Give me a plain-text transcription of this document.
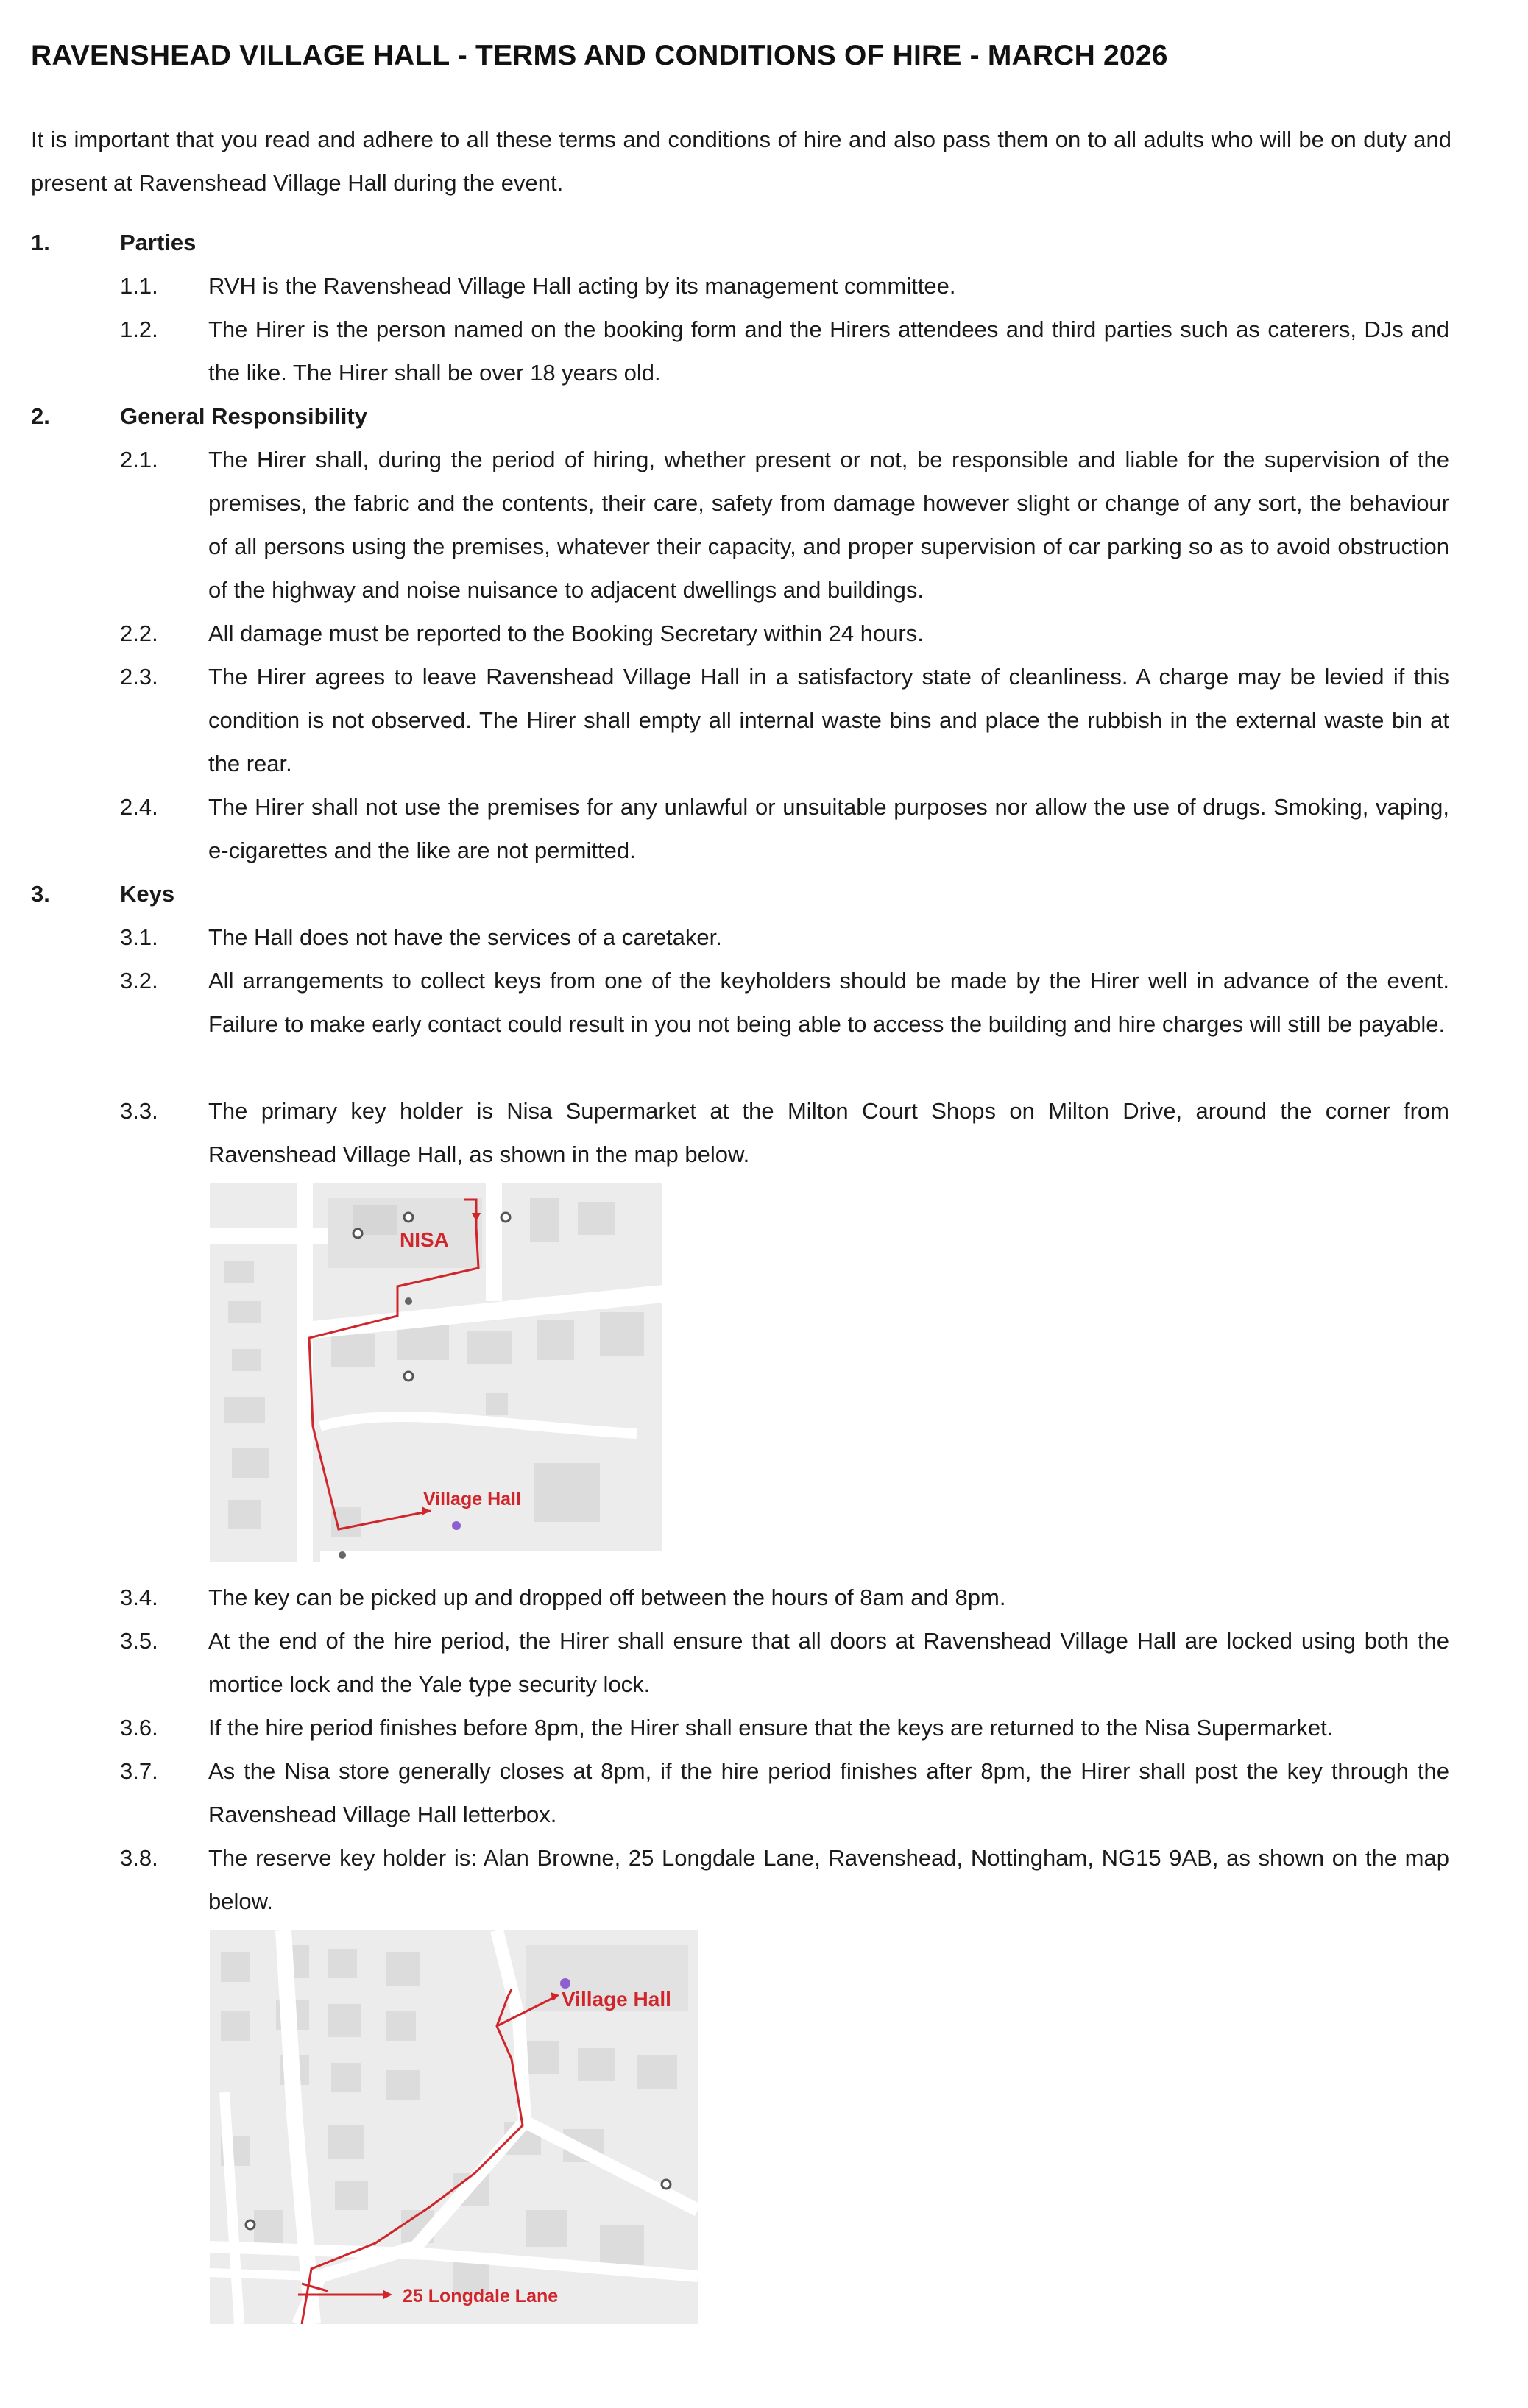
RAVENSHEAD VILLAGE HALL - TERMS AND CONDITIONS OF HIRE - MARCH 2026
It is important that you read and adhere to all these terms and conditions of hire and also pass them on to all adults who will be on duty and present at Ravenshead Village Hall during the event.
1.	Parties
1.1. RVH is the Ravenshead Village Hall acting by its management committee.
1.2. The Hirer is the person named on the booking form and the Hirers attendees and third parties such as caterers, DJs and the like. The Hirer shall be over 18 years old.
2.	General Responsibility
2.1. The Hirer shall, during the period of hiring, whether present or not, be responsible and liable for the supervision of the premises, the fabric and the contents, their care, safety from damage however slight or change of any sort, the behaviour of all persons using the premises, whatever their capacity, and proper supervision of car parking so as to avoid obstruction of the highway and noise nuisance to adjacent dwellings and buildings.
2.2. All damage must be reported to the Booking Secretary within 24 hours.
2.3. The Hirer agrees to leave Ravenshead Village Hall in a satisfactory state of cleanliness. A charge may be levied if this condition is not observed. The Hirer shall empty all internal waste bins and place the rubbish in the external waste bin at the rear.
2.4. The Hirer shall not use the premises for any unlawful or unsuitable purposes nor allow the use of drugs. Smoking, vaping, e-cigarettes and the like are not permitted.
3.	Keys
3.1. The Hall does not have the services of a caretaker.
3.2. All arrangements to collect keys from one of the keyholders should be made by the Hirer well in advance of the event. Failure to make early contact could result in you not being able to access the building and hire charges will still be payable.
3.3. The primary key holder is Nisa Supermarket at the Milton Court Shops on Milton Drive, around the corner from Ravenshead Village Hall, as shown in the map below.
NISA
Village Hall
3.4. The key can be picked up and dropped off between the hours of 8am and 8pm.
3.5. At the end of the hire period, the Hirer shall ensure that all doors at Ravenshead Village Hall are locked using both the mortice lock and the Yale type security lock.
3.6. If the hire period finishes before 8pm, the Hirer shall ensure that the keys are returned to the Nisa Supermarket.
3.7. As the Nisa store generally closes at 8pm, if the hire period finishes after 8pm, the Hirer shall post the key through the Ravenshead Village Hall letterbox.
3.8. The reserve key holder is: Alan Browne, 25 Longdale Lane, Ravenshead, Nottingham, NG15 9AB, as shown on the map below.
Village Hall
25 Longdale Lane
